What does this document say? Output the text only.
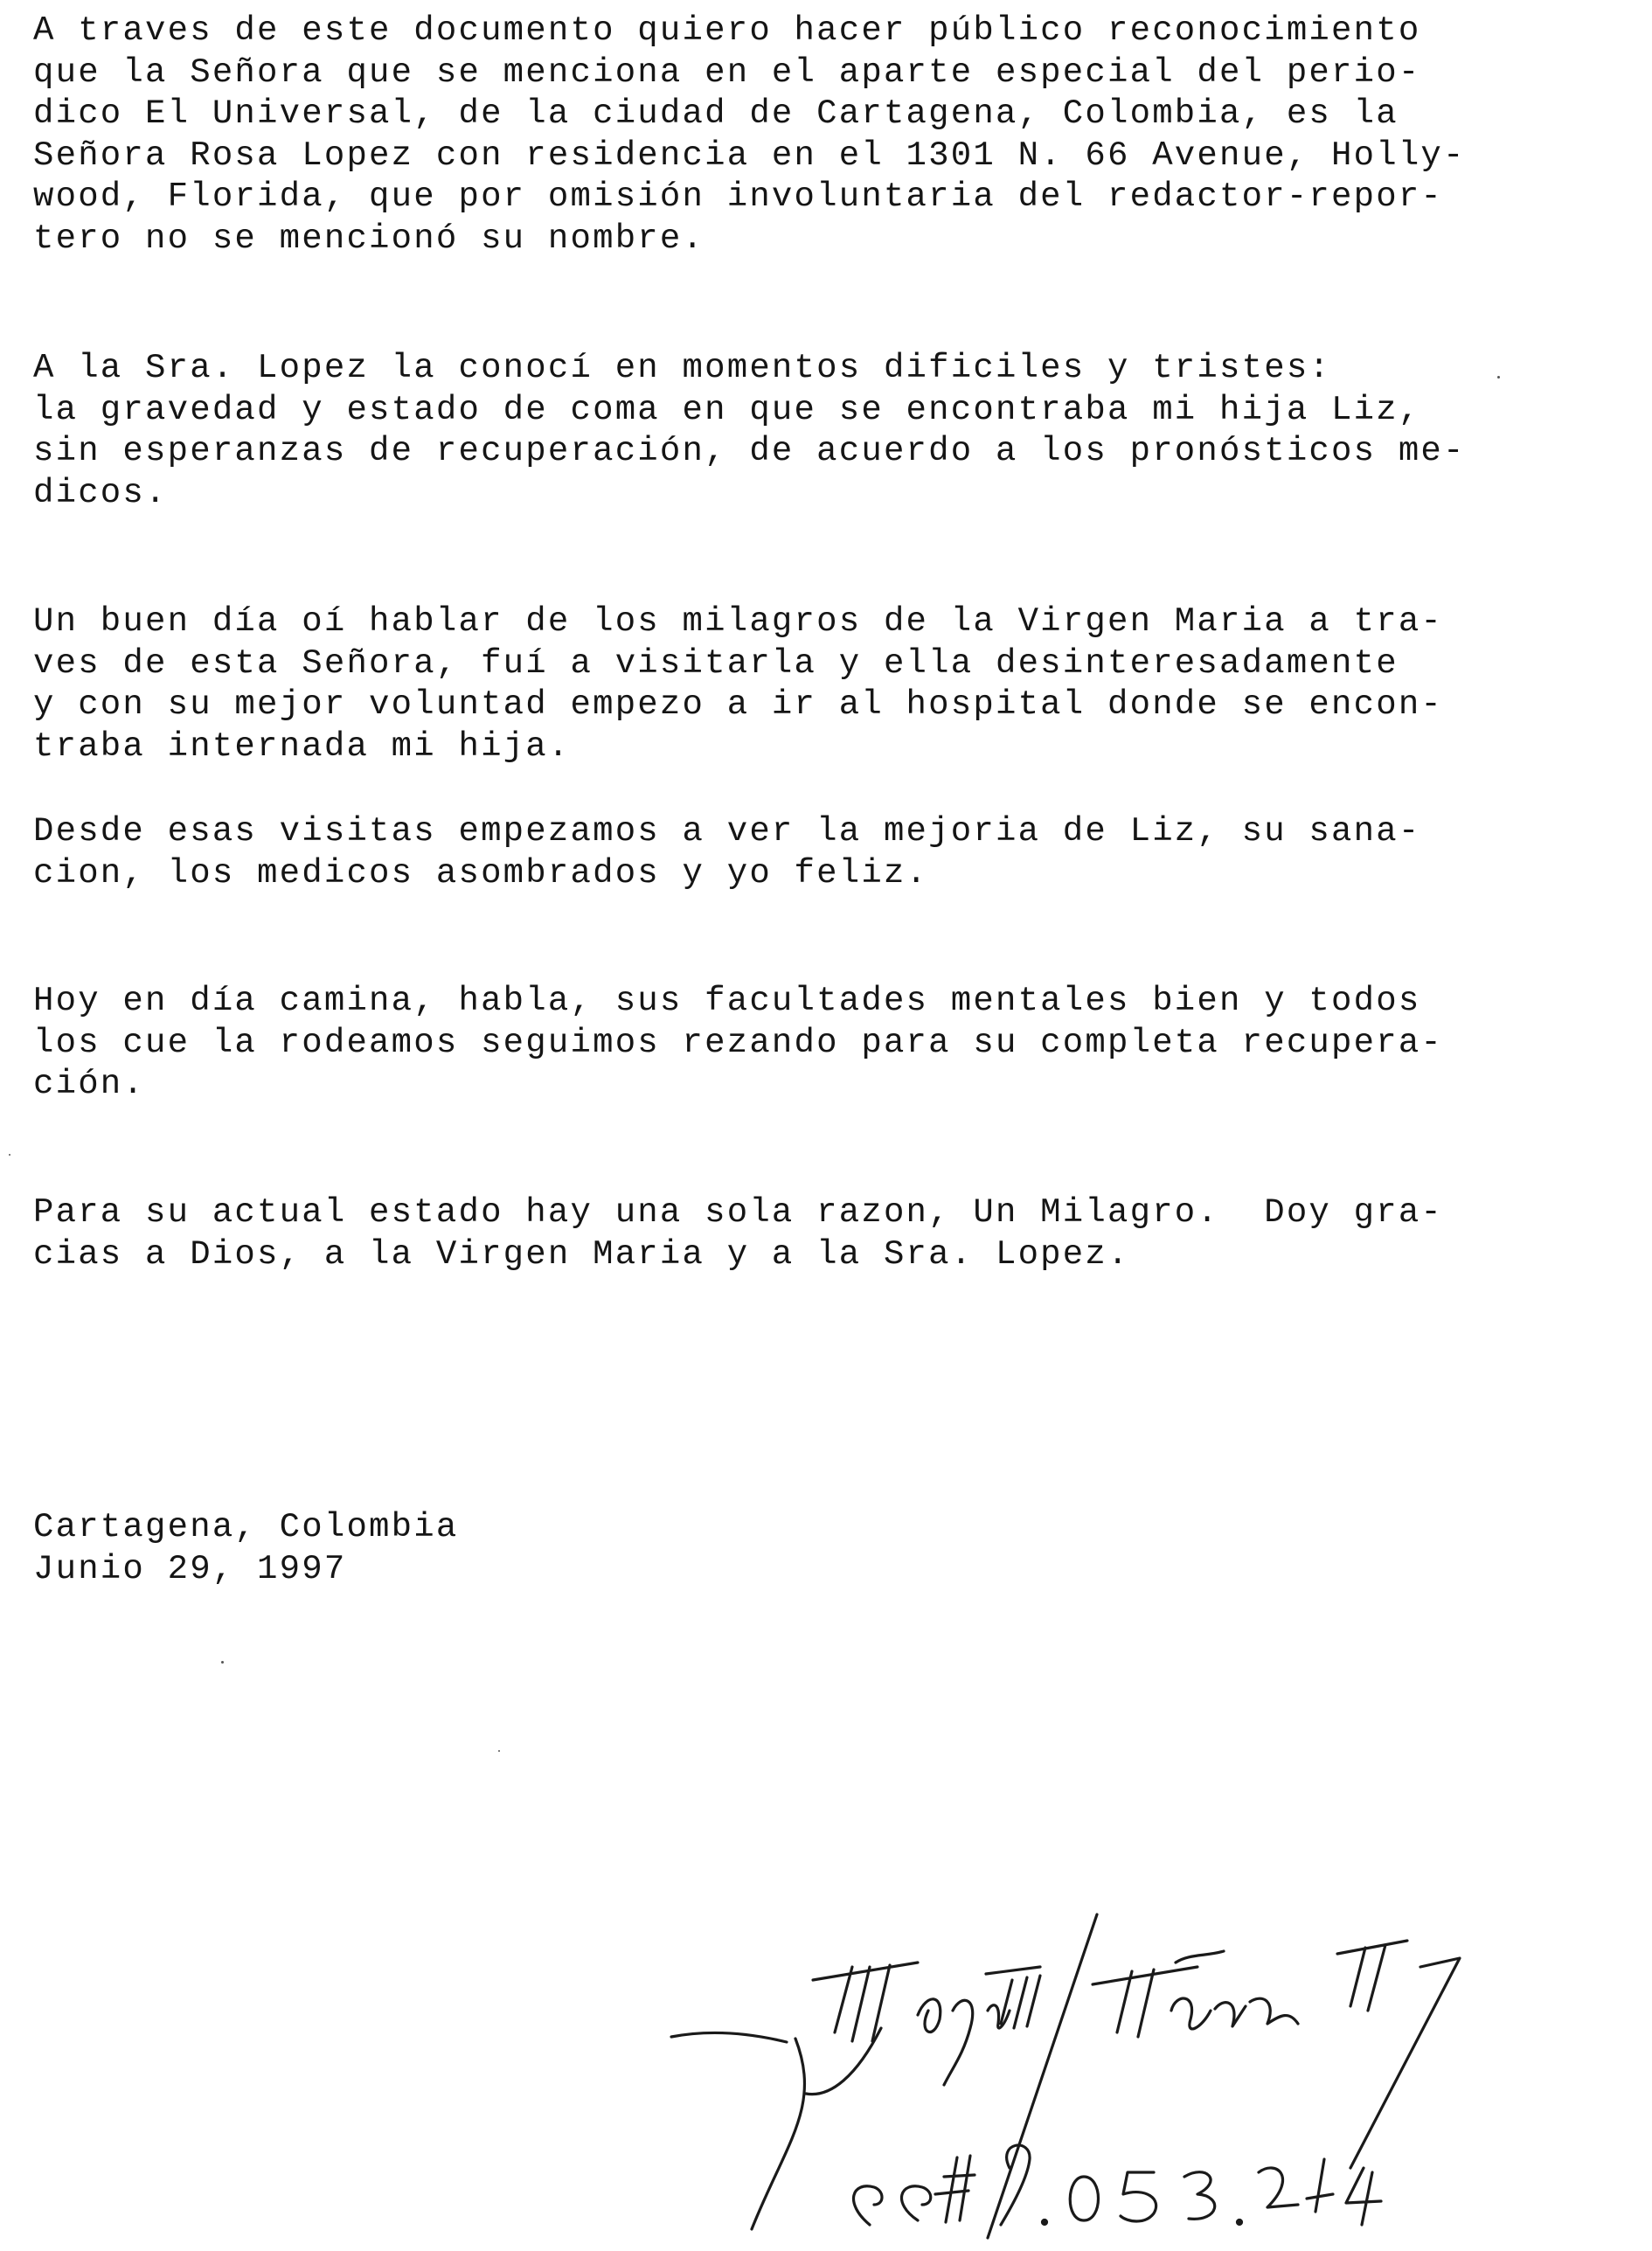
A traves de este documento quiero hacer público reconocimiento
que la Señora que se menciona en el aparte especial del perio-
dico El Universal, de la ciudad de Cartagena, Colombia, es la
Señora Rosa Lopez con residencia en el 1301 N. 66 Avenue, Holly-
wood, Florida, que por omisión involuntaria del redactor-repor-
tero no se mencionó su nombre.
A la Sra. Lopez la conocí en momentos dificiles y tristes:
la gravedad y estado de coma en que se encontraba mi hija Liz,
sin esperanzas de recuperación, de acuerdo a los pronósticos me-
dicos.
Un buen día oí hablar de los milagros de la Virgen Maria a tra-
ves de esta Señora, fuí a visitarla y ella desinteresadamente
y con su mejor voluntad empezo a ir al hospital donde se encon-
traba internada mi hija.
Desde esas visitas empezamos a ver la mejoria de Liz, su sana-
cion, los medicos asombrados y yo feliz.
Hoy en día camina, habla, sus facultades mentales bien y todos
los cue la rodeamos seguimos rezando para su completa recupera-
ción.
Para su actual estado hay una sola razon, Un Milagro.  Doy gra-
cias a Dios, a la Virgen Maria y a la Sra. Lopez.
Cartagena, Colombia
Junio 29, 1997
